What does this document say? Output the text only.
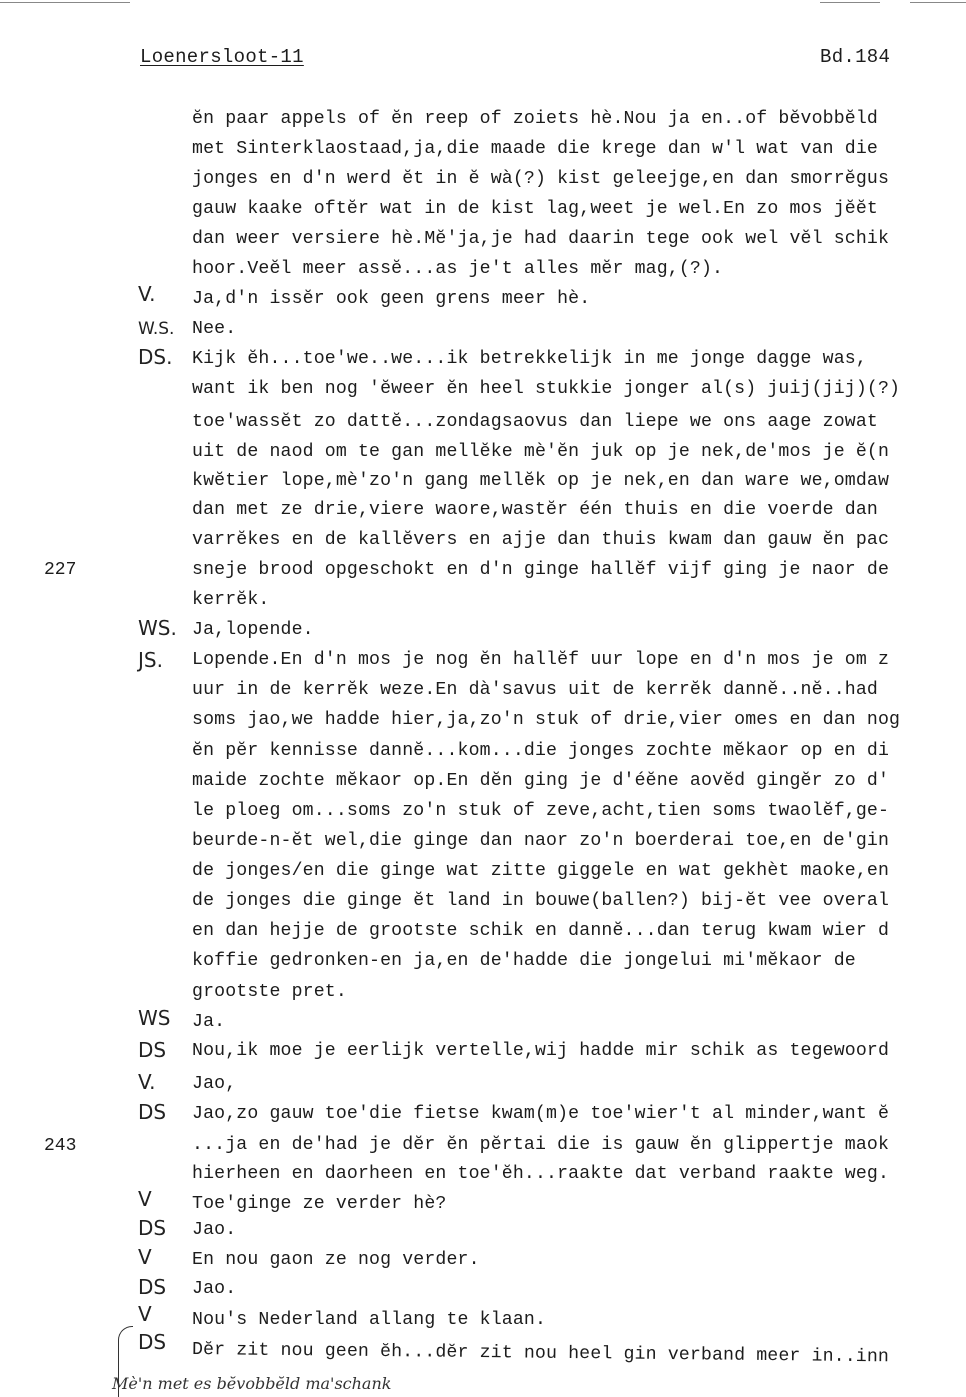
Loenersloot-11	Bd.184
227
243
V.
W.S.
DS.
WS.
JS.
WS
DS
V.
DS
V
DS
V
DS
V
DS
ĕn paar appels of ĕn reep of zoiets hè.Nou ja en..of bĕvobbĕld
met Sinterklaostaad,ja,die maade die krege dan w'l wat van die
jonges en d'n werd ĕt in ĕ wà(?) kist geleejge,en dan smorrĕgus
gauw kaake oftĕr wat in de kist lag,weet je wel.En zo mos jĕĕt
dan weer versiere hè.Mĕ'ja,je had daarin tege ook wel vĕl schik
hoor.Veĕl meer assĕ...as je't alles mĕr mag,(?).
Ja,d'n issĕr ook geen grens meer hè.
Nee.
Kijk ĕh...toe'we..we...ik betrekkelijk in me jonge dagge was,
want ik ben nog 'ĕweer ĕn heel stukkie jonger al(s) juij(jij)(?)
toe'wassĕt zo dattĕ...zondagsaovus dan liepe we ons aage zowat
uit de naod om te gan mellĕke mè'ĕn juk op je nek,de'mos je ĕ(n
kwĕtier lope,mè'zo'n gang mellĕk op je nek,en dan ware we,omdaw
dan met ze drie,viere waore,wastĕr één thuis en die voerde dan
varrĕkes en de kallĕvers en ajje dan thuis kwam dan gauw ĕn pac
sneje brood opgeschokt en d'n ginge hallĕf vijf ging je naor de
kerrĕk.
Ja,lopende.
Lopende.En d'n mos je nog ĕn hallĕf uur lope en d'n mos je om z
uur in de kerrĕk weze.En dà'savus uit de kerrĕk dannĕ..nĕ..had
soms jao,we hadde hier,ja,zo'n stuk of drie,vier omes en dan nog
ĕn pĕr kennisse dannĕ...kom...die jonges zochte mĕkaor op en di
maide zochte mĕkaor op.En dĕn ging je d'éĕne aovĕd gingĕr zo d'
le ploeg om...soms zo'n stuk of zeve,acht,tien soms twaolĕf,ge-
beurde-n-ĕt wel,die ginge dan naor zo'n boerderai toe,en de'gin
de jonges/en die ginge wat zitte giggele en wat gekhèt maoke,en
de jonges die ginge ĕt land in bouwe(ballen?) bij-ĕt vee overal
en dan hejje de grootste schik en dannĕ...dan terug kwam wier d
koffie gedronken-en ja,en de'hadde die jongelui mi'mĕkaor de
grootste pret.
Ja.
Nou,ik moe je eerlijk vertelle,wij hadde mir schik as tegewoord
Jao,
Jao,zo gauw toe'die fietse kwam(m)e toe'wier't al minder,want ĕ
...ja en de'had je dĕr ĕn pĕrtai die is gauw ĕn glippertje maok
hierheen en daorheen en toe'ĕh...raakte dat verband raakte weg.
Toe'ginge ze verder hè?
Jao.
En nou gaon ze nog verder.
Jao.
Nou's Nederland allang te klaan.
Dĕr zit nou geen ĕh...dĕr zit nou heel gin verband meer in..inn
Mè'n met es bĕvobbĕld ma'schank
